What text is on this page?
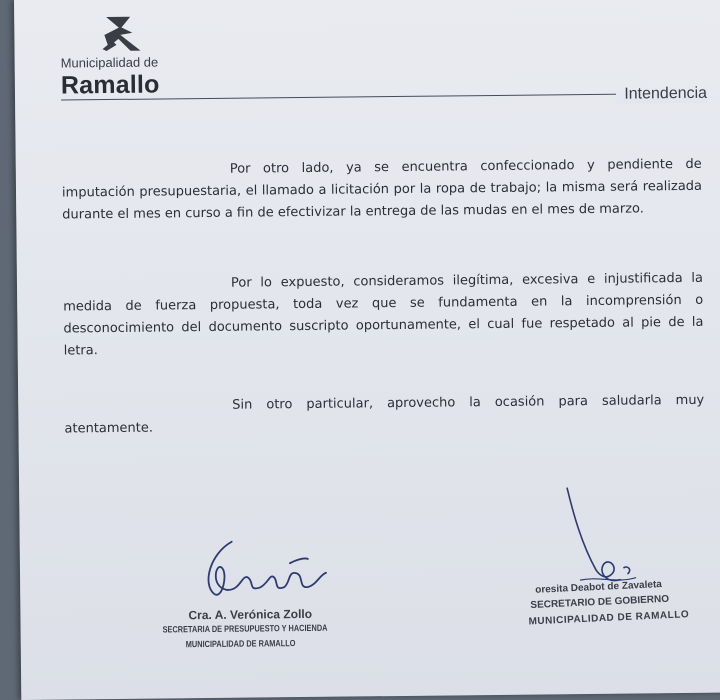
Municipalidad de
Ramallo	Intendencia

Por otro lado, ya se encuentra confeccionado y pendiente de imputación presupuestaria, el llamado a licitación por la ropa de trabajo; la misma será realizada durante el mes en curso a fin de efectivizar la entrega de las mudas en el mes de marzo.

Por lo expuesto, consideramos ilegítima, excesiva e injustificada la medida de fuerza propuesta, toda vez que se fundamenta en la incomprensión o desconocimiento del documento suscripto oportunamente, el cual fue respetado al pie de la letra.

Sin otro particular, aprovecho la ocasión para saludarla muy atentamente.

Cra. A. Verónica Zollo
SECRETARIA DE PRESUPUESTO Y HACIENDA
MUNICIPALIDAD DE RAMALLO
oresita Deabot de Zavaleta
SECRETARIO DE GOBIERNO
MUNICIPALIDAD DE RAMALLO
